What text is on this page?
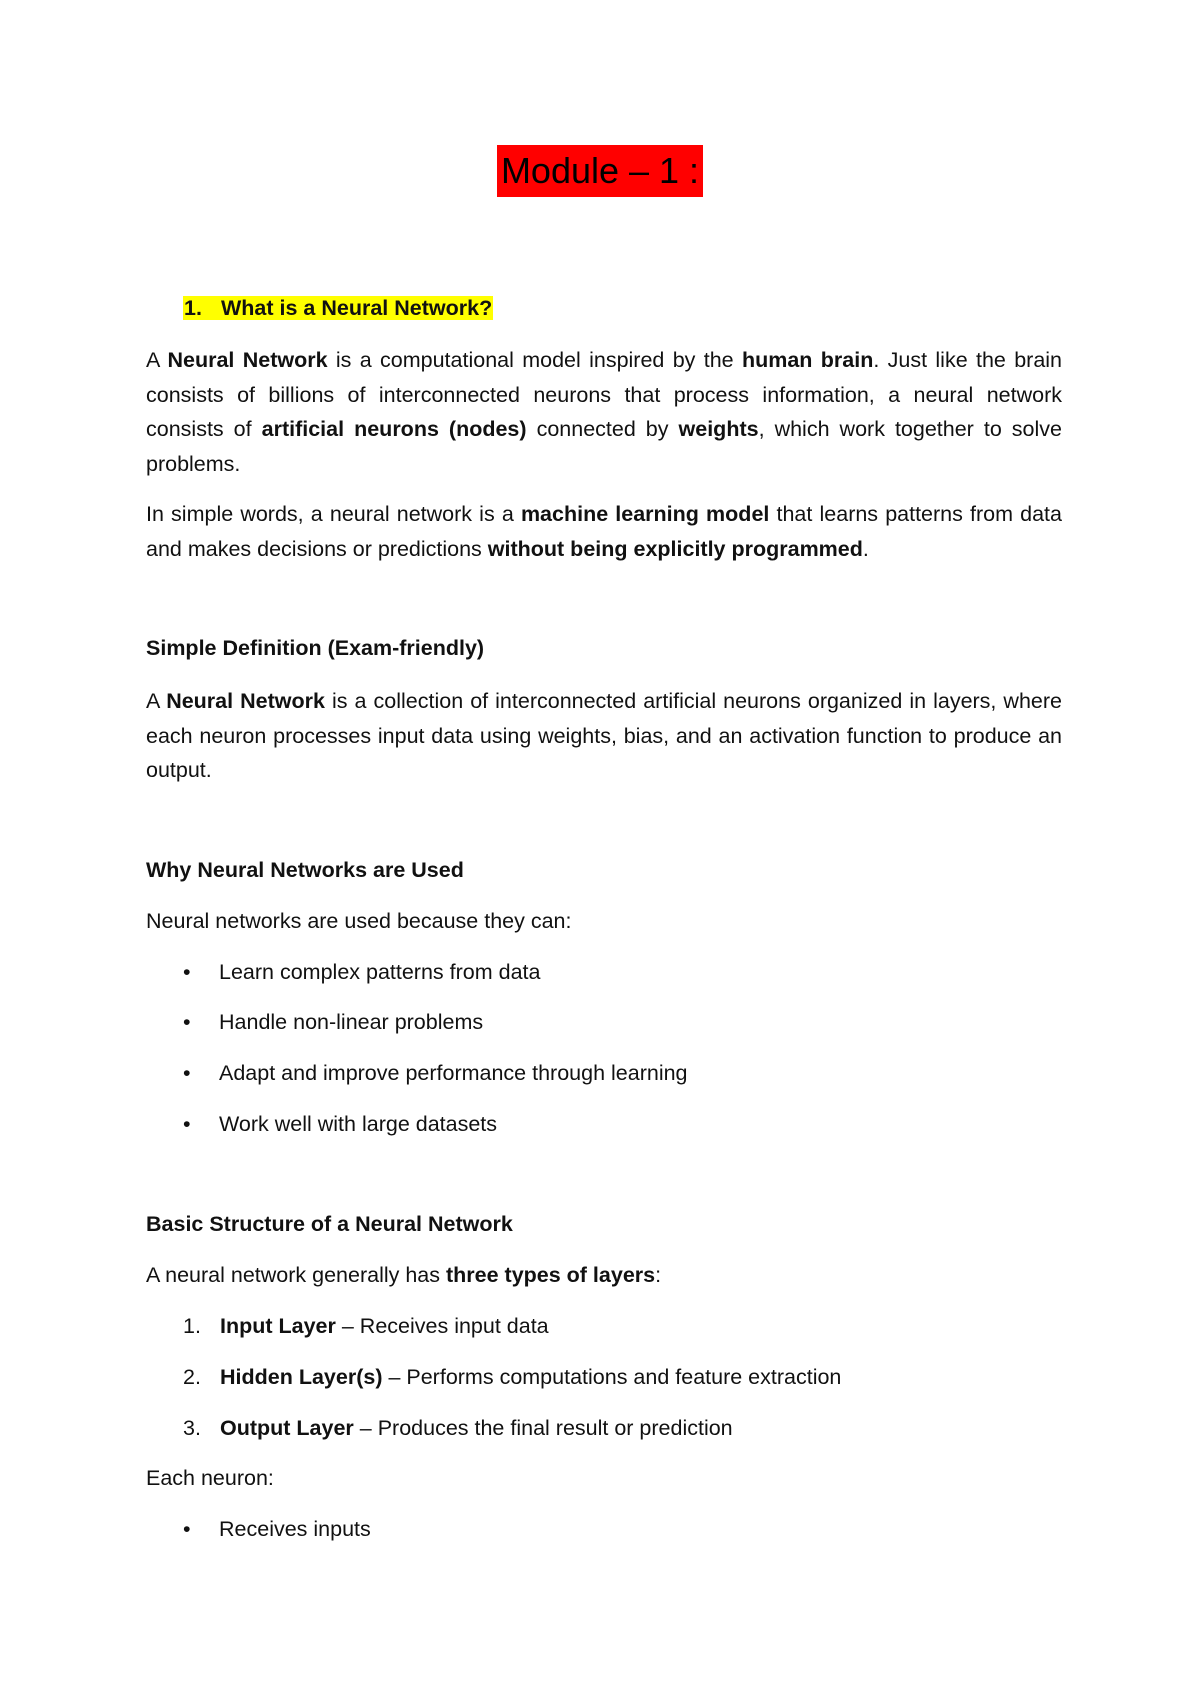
Module – 1 :
1. What is a Neural Network?

A Neural Network is a computational model inspired by the human brain. Just like the brain consists of billions of interconnected neurons that process information, a neural network consists of artificial neurons (nodes) connected by weights, which work together to solve problems.

In simple words, a neural network is a machine learning model that learns patterns from data and makes decisions or predictions without being explicitly programmed.

Simple Definition (Exam-friendly)

A Neural Network is a collection of interconnected artificial neurons organized in layers, where each neuron processes input data using weights, bias, and an activation function to produce an output.

Why Neural Networks are Used
Neural networks are used because they can:
•	Learn complex patterns from data
•	Handle non-linear problems
•	Adapt and improve performance through learning
•	Work well with large datasets
Basic Structure of a Neural Network
A neural network generally has three types of layers:
1. Input Layer – Receives input data
2. Hidden Layer(s) – Performs computations and feature extraction
3. Output Layer – Produces the final result or prediction
Each neuron:
•	Receives inputs
